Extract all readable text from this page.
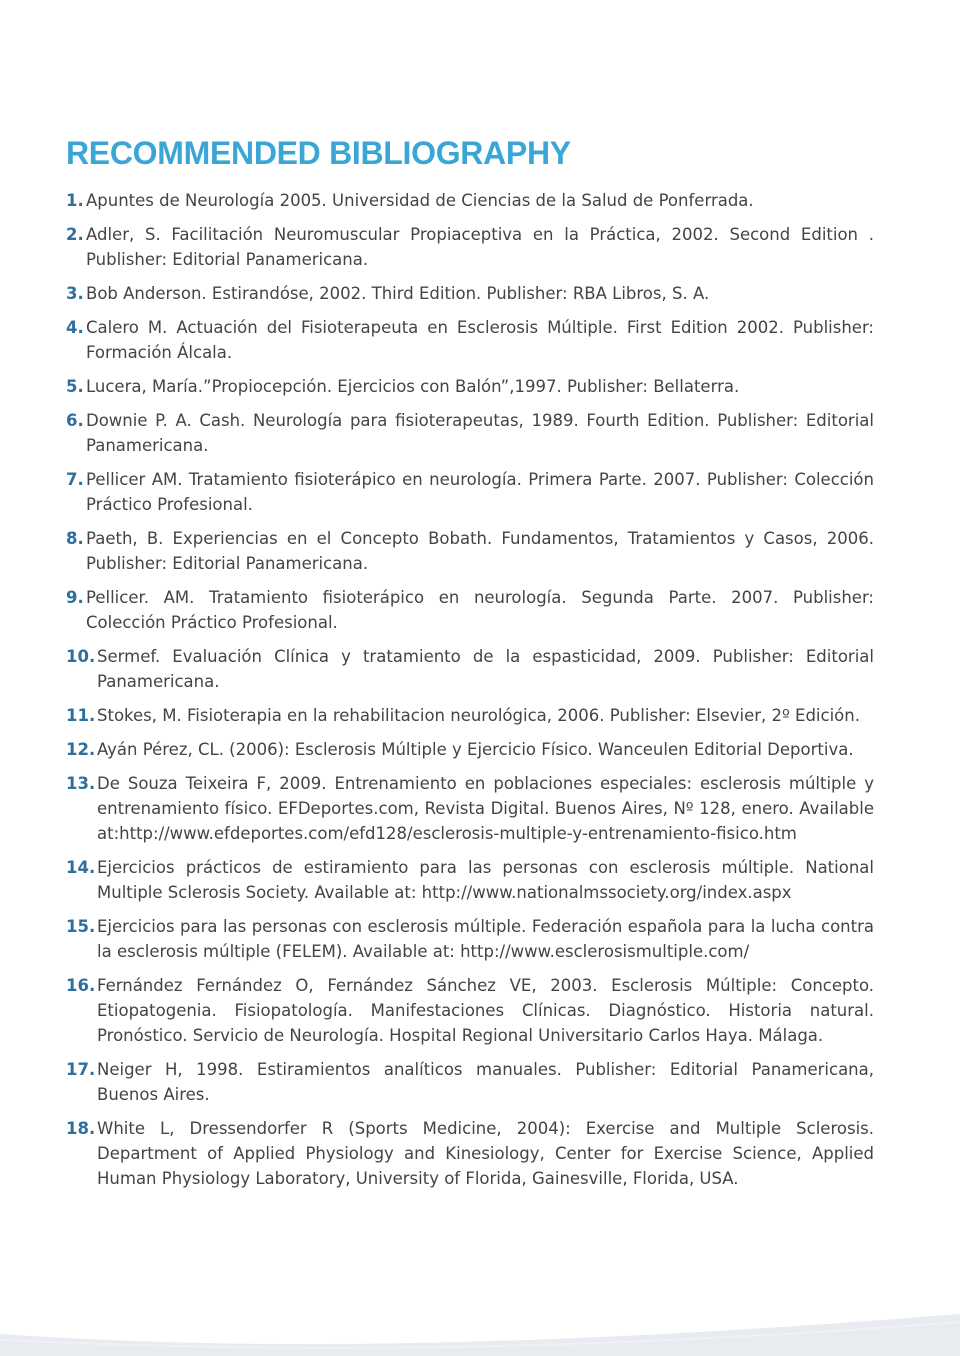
RECOMMENDED BIBLIOGRAPHY
1. Apuntes de Neurología 2005. Universidad de Ciencias de la Salud de Ponferrada.
2. Adler, S. Facilitación Neuromuscular Propiaceptiva en la Práctica, 2002. Second Edition . Publisher: Editorial Panamericana.
3. Bob Anderson. Estirandóse, 2002. Third Edition. Publisher: RBA Libros, S. A.
4. Calero M. Actuación del Fisioterapeuta en Esclerosis Múltiple. First Edition 2002. Publisher: Formación Álcala.
5. Lucera, María.”Propiocepción. Ejercicios con Balón”,1997. Publisher: Bellaterra.
6. Downie P. A. Cash. Neurología para fisioterapeutas, 1989. Fourth Edition. Publisher: Editorial Panamericana.
7. Pellicer AM. Tratamiento fisioterápico en neurología. Primera Parte. 2007. Publisher: Colección Práctico Profesional.
8. Paeth, B. Experiencias en el Concepto Bobath. Fundamentos, Tratamientos y Casos, 2006. Publisher: Editorial Panamericana.
9. Pellicer. AM. Tratamiento fisioterápico en neurología. Segunda Parte. 2007. Publisher: Colección Práctico Profesional.
10. Sermef. Evaluación Clínica y tratamiento de la espasticidad, 2009. Publisher: Editorial Panamericana.
11. Stokes, M. Fisioterapia en la rehabilitacion neurológica, 2006. Publisher: Elsevier, 2º Edición.
12. Ayán Pérez, CL. (2006): Esclerosis Múltiple y Ejercicio Físico. Wanceulen Editorial Deportiva.
13. De Souza Teixeira F, 2009. Entrenamiento en poblaciones especiales: esclerosis múltiple y entrenamiento físico. EFDeportes.com, Revista Digital. Buenos Aires, Nº 128, enero. Available at:http://www.efdeportes.com/efd128/esclerosis-multiple-y-entrenamiento-fisico.htm
14. Ejercicios prácticos de estiramiento para las personas con esclerosis múltiple. National Multiple Sclerosis Society. Available at: http://www.nationalmssociety.org/index.aspx
15. Ejercicios para las personas con esclerosis múltiple. Federación española para la lucha contra la esclerosis múltiple (FELEM). Available at: http://www.esclerosismultiple.com/
16. Fernández Fernández O, Fernández Sánchez VE, 2003. Esclerosis Múltiple: Concepto. Etiopatogenia. Fisiopatología. Manifestaciones Clínicas. Diagnóstico. Historia natural. Pronóstico. Servicio de Neurología. Hospital Regional Universitario Carlos Haya. Málaga.
17. Neiger H, 1998. Estiramientos analíticos manuales. Publisher: Editorial Panamericana, Buenos Aires.
18. White L, Dressendorfer R (Sports Medicine, 2004): Exercise and Multiple Sclerosis. Department of Applied Physiology and Kinesiology, Center for Exercise Science, Applied Human Physiology Laboratory, University of Florida, Gainesville, Florida, USA.
